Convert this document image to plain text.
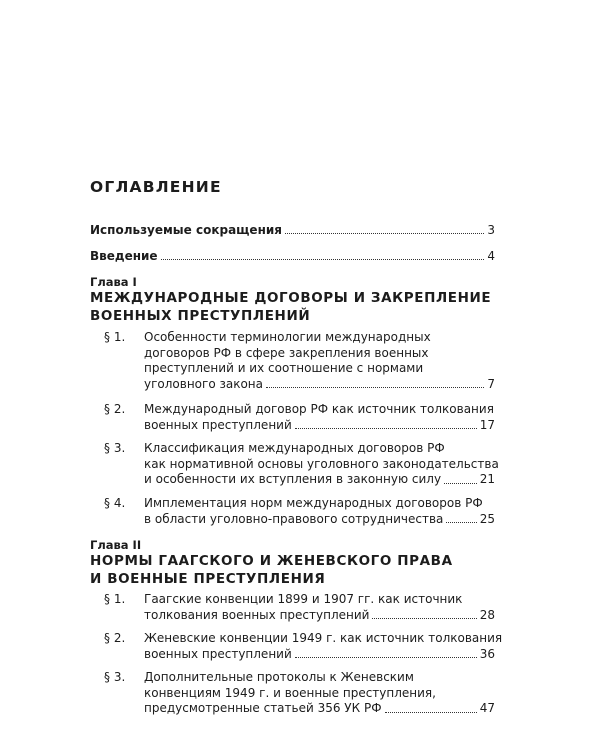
ОГЛАВЛЕНИЕ
Используемые сокращения	3
Введение	4
Глава I
МЕЖДУНАРОДНЫЕ ДОГОВОРЫ И ЗАКРЕПЛЕНИЕ
ВОЕННЫХ ПРЕСТУПЛЕНИЙ
§ 1.	Особенности терминологии международных
договоров РФ в сфере закрепления военных
преступлений и их соотношение с нормами
уголовного закона	7
§ 2.	Международный договор РФ как источник толкования
военных преступлений	17
§ 3.	Классификация международных договоров РФ
как нормативной основы уголовного законодательства
и особенности их вступления в законную силу	21
§ 4.	Имплементация норм международных договоров РФ
в области уголовно-правового сотрудничества	25
Глава II
НОРМЫ ГААГСКОГО И ЖЕНЕВСКОГО ПРАВА
И ВОЕННЫЕ ПРЕСТУПЛЕНИЯ
§ 1.	Гаагские конвенции 1899 и 1907 гг. как источник
толкования военных преступлений	28
§ 2.	Женевские конвенции 1949 г. как источник толкования
военных преступлений	36
§ 3.	Дополнительные протоколы к Женевским
конвенциям 1949 г. и военные преступления,
предусмотренные статьей 356 УК РФ	47
